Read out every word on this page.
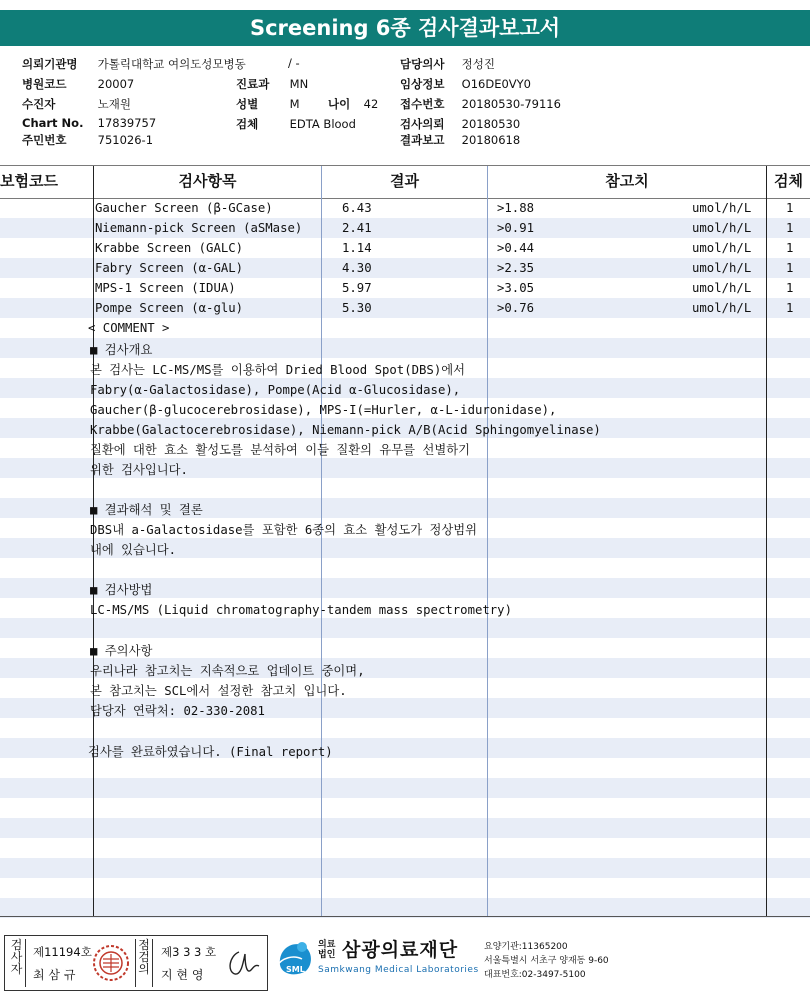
Screening 6종 검사결과보고서
의뢰기관명 가톨릭대학교 여의도성모병동
병원코드	20007
수진자	노재원
Chart No. 17839757
주민번호	751026-1
/ -
진료과 MN
성별	M 나이 42
검체	EDTA Blood
담당의사 정성진
임상정보 O16DE0VY0
접수번호 20180530-79116
검사의뢰 20180530
결과보고 20180618
보험코드	검사항목	결과	참고치	검체
Gaucher Screen (β-GCase)	6.43	>1.88	umol/h/L	1
Niemann-pick Screen (aSMase)	2.41	>0.91	umol/h/L	1
Krabbe Screen (GALC)	1.14	>0.44	umol/h/L	1
Fabry Screen (α-GAL)	4.30	>2.35	umol/h/L	1
MPS-1 Screen (IDUA)	5.97	>3.05	umol/h/L	1
Pompe Screen (α-glu)	5.30	>0.76	umol/h/L	1
< COMMENT >
■ 검사개요
본 검사는 LC-MS/MS를 이용하여 Dried Blood Spot(DBS)에서
Fabry(α-Galactosidase), Pompe(Acid α-Glucosidase),
Gaucher(β-glucocerebrosidase), MPS-I(=Hurler, α-L-iduronidase),
Krabbe(Galactocerebrosidase), Niemann-pick A/B(Acid Sphingomyelinase)
질환에 대한 효소 활성도를 분석하여 이들 질환의 유무를 선별하기
위한 검사입니다.
■ 결과해석 및 결론
DBS내 a-Galactosidase를 포함한 6종의 효소 활성도가 정상범위
내에 있습니다.
■ 검사방법
LC-MS/MS (Liquid chromatography-tandem mass spectrometry)
■ 주의사항
우리나라 참고치는 지속적으로 업데이트 중이며,
본 참고치는 SCL에서 설정한 참고치 입니다.
담당자 연락처: 02-330-2081
검사를 완료하였습니다. (Final report)
검사자
제11194호
최 삼 규
점검의
제3 3 3 호
지 현 영	SML
의료
법인 삼광의료재단
Samkwang Medical Laboratories
요양기관:11365200
서울특별시 서초구 양재동 9-60
대표번호:02-3497-5100
